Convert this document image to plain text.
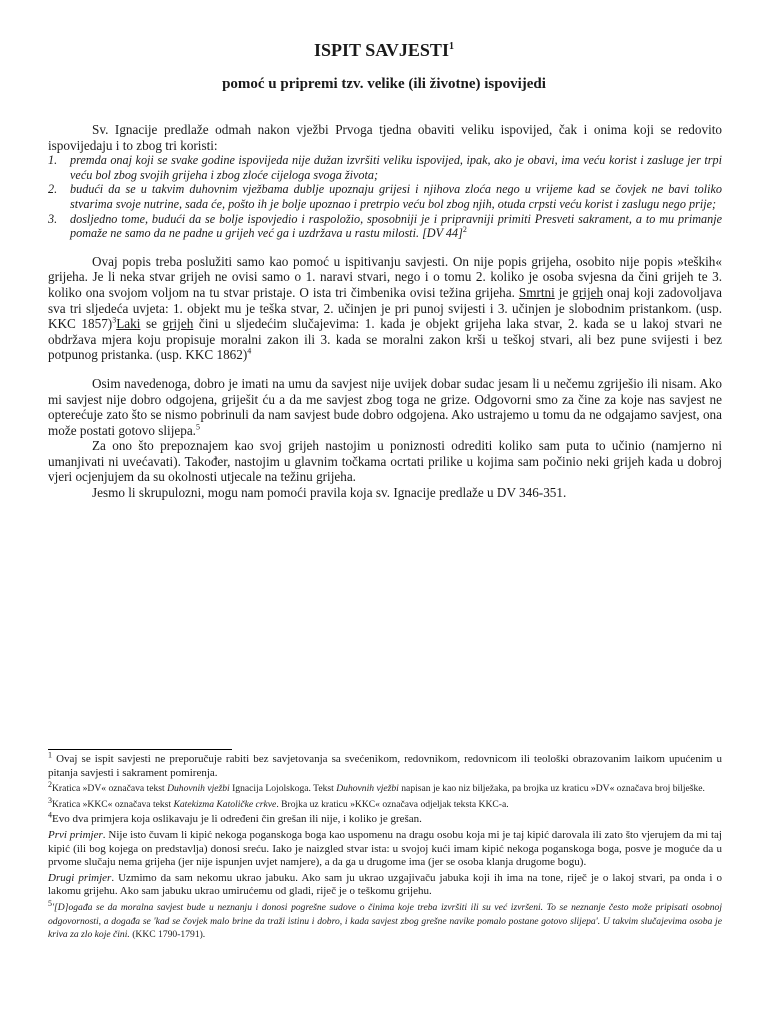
ISPIT SAVJESTI$^1$
pomoć u pripremi tzv. velike (ili životne) ispovijedi

Sv. Ignacije predlaže odmah nakon vježbi Prvoga tjedna obaviti veliku ispovijed, čak i onima koji se redovito ispovijedaju i to zbog tri koristi:

1. premda onaj koji se svake godine ispovijeda nije dužan izvršiti veliku ispovijed, ipak, ako je obavi, ima veću korist i zasluge jer trpi veću bol zbog svojih grijeha i zbog zloće cijeloga svoga života;
2. budući da se u takvim duhovnim vježbama dublje upoznaju grijesi i njihova zloća nego u vrijeme kad se čovjek ne bavi toliko stvarima svoje nutrine, sada će, pošto ih je bolje upoznao i pretrpio veću bol zbog njih, otuda crpsti veću korist i zaslugu nego prije;
3. dosljedno tome, budući da se bolje ispovjedio i raspoložio, sposobniji je i pripravniji primiti Presveti sakrament, a to mu primanje pomaže ne samo da ne padne u grijeh već ga i uzdržava u rastu milosti. [DV 44]$^2$

Ovaj popis treba poslužiti samo kao pomoć u ispitivanju savjesti. On nije popis grijeha, osobito nije popis »teških« grijeha. Je li neka stvar grijeh ne ovisi samo o 1. naravi stvari, nego i o tomu 2. koliko je osoba svjesna da čini grijeh te 3. koliko ona svojom voljom na tu stvar pristaje. O ista tri čimbenika ovisi težina grijeha. Smrtni je grijeh onaj koji zadovoljava sva tri sljedeća uvjeta: 1. objekt mu je teška stvar, 2. učinjen je pri punoj svijesti i 3. učinjen je slobodnim pristankom. (usp. KKC 1857)$^3$Laki se grijeh čini u sljedećim slučajevima: 1. kada je objekt grijeha laka stvar, 2. kada se u lakoj stvari ne obdržava mjera koju propisuje moralni zakon ili 3. kada se moralni zakon krši u teškoj stvari, ali bez pune svijesti i bez potpunog pristanka. (usp. KKC 1862)$^4$

Osim navedenoga, dobro je imati na umu da savjest nije uvijek dobar sudac jesam li u nečemu zgriješio ili nisam. Ako mi savjest nije dobro odgojena, griješit ću a da me savjest zbog toga ne grize. Odgovorni smo za čine za koje nas savjest ne opterećuje zato što se nismo pobrinuli da nam savjest bude dobro odgojena. Ako ustrajemo u tomu da ne odgajamo savjest, ona može postati gotovo slijepa.$^5$

Za ono što prepoznajem kao svoj grijeh nastojim u poniznosti odrediti koliko sam puta to učinio (namjerno ni umanjivati ni uvećavati). Također, nastojim u glavnim točkama ocrtati prilike u kojima sam počinio neki grijeh kada u dobroj vjeri ocjenjujem da su okolnosti utjecale na težinu grijeha.

Jesmo li skrupulozni, mogu nam pomoći pravila koja sv. Ignacije predlaže u DV 346-351.

$^1$ Ovaj se ispit savjesti ne preporučuje rabiti bez savjetovanja sa svećenikom, redovnikom, redovnicom ili teološki obrazovanim laikom upućenim u pitanja savjesti i sakrament pomirenja.

$^2$Kratica »DV« označava tekst Duhovnih vježbi Ignacija Lojolskoga. Tekst Duhovnih vježbi napisan je kao niz bilježaka, pa brojka uz kraticu »DV« označava broj bilješke.

$^3$Kratica »KKC« označava tekst Katekizma Katoličke crkve. Brojka uz kraticu »KKC« označava odjeljak teksta KKC-a.

$^4$Evo dva primjera koja oslikavaju je li određeni čin grešan ili nije, i koliko je grešan.

Prvi primjer. Nije isto čuvam li kipić nekoga poganskoga boga kao uspomenu na dragu osobu koja mi je taj kipić darovala ili zato što vjerujem da mi taj kipić (ili bog kojega on predstavlja) donosi sreću. Iako je naizgled stvar ista: u svojoj kući imam kipić nekoga poganskoga boga, posve je moguće da u prvome slučaju nema grijeha (jer nije ispunjen uvjet namjere), a da ga u drugome ima (jer se osoba klanja drugome bogu).

Drugi primjer. Uzmimo da sam nekomu ukrao jabuku. Ako sam ju ukrao uzgajivaču jabuka koji ih ima na tone, riječ je o lakoj stvari, pa onda i o lakomu grijehu. Ako sam jabuku ukrao umirućemu od gladi, riječ je o teškomu grijehu.

$^5$'[D]ogađa se da moralna savjest bude u neznanju i donosi pogrešne sudove o činima koje treba izvršiti ili su već izvršeni. To se neznanje često može pripisati osobnoj odgovornosti, a događa se 'kad se čovjek malo brine da traži istinu i dobro, i kada savjest zbog grešne navike pomalo postane gotovo slijepa'. U takvim slučajevima osoba je kriva za zlo koje čini. (KKC 1790-1791).
